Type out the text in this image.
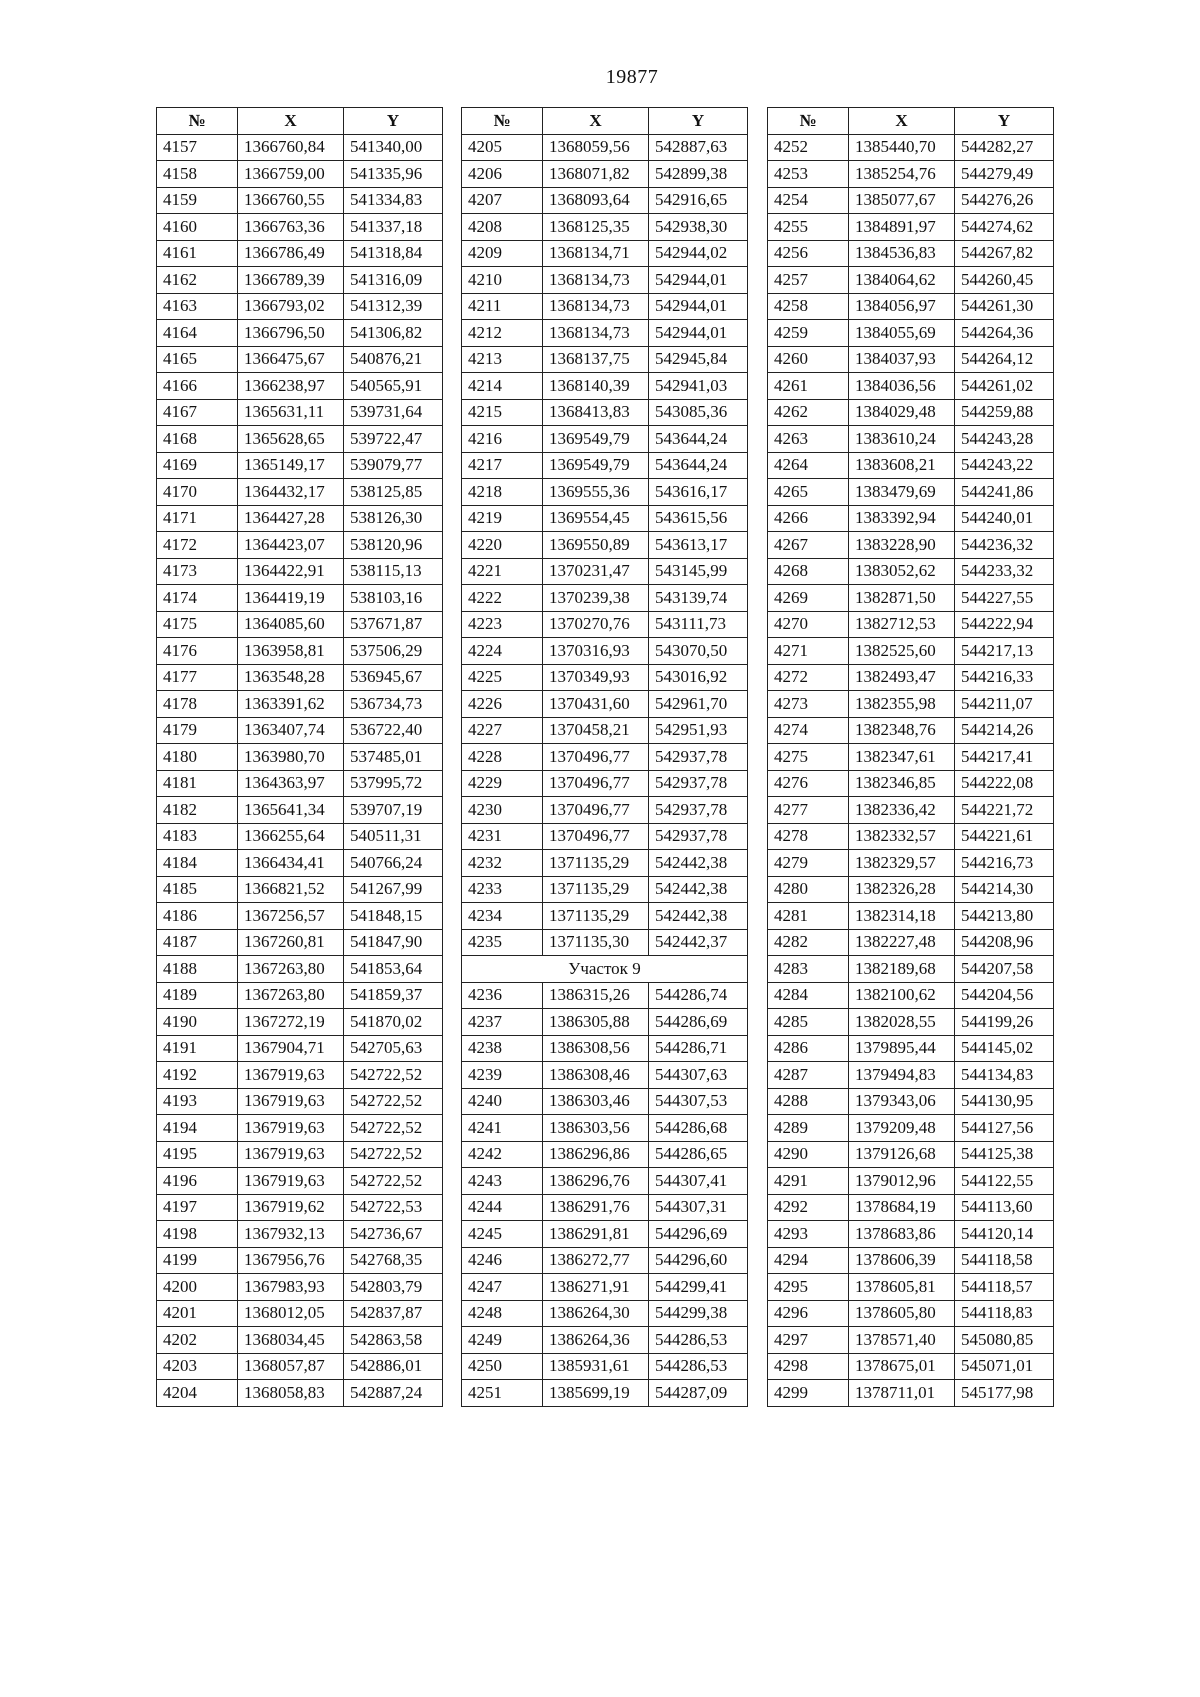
19877
№	X	Y
4157	1366760,84	541340,00
4158	1366759,00	541335,96
4159	1366760,55	541334,83
4160	1366763,36	541337,18
4161	1366786,49	541318,84
4162	1366789,39	541316,09
4163	1366793,02	541312,39
4164	1366796,50	541306,82
4165	1366475,67	540876,21
4166	1366238,97	540565,91
4167	1365631,11	539731,64
4168	1365628,65	539722,47
4169	1365149,17	539079,77
4170	1364432,17	538125,85
4171	1364427,28	538126,30
4172	1364423,07	538120,96
4173	1364422,91	538115,13
4174	1364419,19	538103,16
4175	1364085,60	537671,87
4176	1363958,81	537506,29
4177	1363548,28	536945,67
4178	1363391,62	536734,73
4179	1363407,74	536722,40
4180	1363980,70	537485,01
4181	1364363,97	537995,72
4182	1365641,34	539707,19
4183	1366255,64	540511,31
4184	1366434,41	540766,24
4185	1366821,52	541267,99
4186	1367256,57	541848,15
4187	1367260,81	541847,90
4188	1367263,80	541853,64
4189	1367263,80	541859,37
4190	1367272,19	541870,02
4191	1367904,71	542705,63
4192	1367919,63	542722,52
4193	1367919,63	542722,52
4194	1367919,63	542722,52
4195	1367919,63	542722,52
4196	1367919,63	542722,52
4197	1367919,62	542722,53
4198	1367932,13	542736,67
4199	1367956,76	542768,35
4200	1367983,93	542803,79
4201	1368012,05	542837,87
4202	1368034,45	542863,58
4203	1368057,87	542886,01
4204	1368058,83	542887,24
№	X	Y
4205	1368059,56	542887,63
4206	1368071,82	542899,38
4207	1368093,64	542916,65
4208	1368125,35	542938,30
4209	1368134,71	542944,02
4210	1368134,73	542944,01
4211	1368134,73	542944,01
4212	1368134,73	542944,01
4213	1368137,75	542945,84
4214	1368140,39	542941,03
4215	1368413,83	543085,36
4216	1369549,79	543644,24
4217	1369549,79	543644,24
4218	1369555,36	543616,17
4219	1369554,45	543615,56
4220	1369550,89	543613,17
4221	1370231,47	543145,99
4222	1370239,38	543139,74
4223	1370270,76	543111,73
4224	1370316,93	543070,50
4225	1370349,93	543016,92
4226	1370431,60	542961,70
4227	1370458,21	542951,93
4228	1370496,77	542937,78
4229	1370496,77	542937,78
4230	1370496,77	542937,78
4231	1370496,77	542937,78
4232	1371135,29	542442,38
4233	1371135,29	542442,38
4234	1371135,29	542442,38
4235	1371135,30	542442,37
Участок 9		
4236	1386315,26	544286,74
4237	1386305,88	544286,69
4238	1386308,56	544286,71
4239	1386308,46	544307,63
4240	1386303,46	544307,53
4241	1386303,56	544286,68
4242	1386296,86	544286,65
4243	1386296,76	544307,41
4244	1386291,76	544307,31
4245	1386291,81	544296,69
4246	1386272,77	544296,60
4247	1386271,91	544299,41
4248	1386264,30	544299,38
4249	1386264,36	544286,53
4250	1385931,61	544286,53
4251	1385699,19	544287,09
№	X	Y
4252	1385440,70	544282,27
4253	1385254,76	544279,49
4254	1385077,67	544276,26
4255	1384891,97	544274,62
4256	1384536,83	544267,82
4257	1384064,62	544260,45
4258	1384056,97	544261,30
4259	1384055,69	544264,36
4260	1384037,93	544264,12
4261	1384036,56	544261,02
4262	1384029,48	544259,88
4263	1383610,24	544243,28
4264	1383608,21	544243,22
4265	1383479,69	544241,86
4266	1383392,94	544240,01
4267	1383228,90	544236,32
4268	1383052,62	544233,32
4269	1382871,50	544227,55
4270	1382712,53	544222,94
4271	1382525,60	544217,13
4272	1382493,47	544216,33
4273	1382355,98	544211,07
4274	1382348,76	544214,26
4275	1382347,61	544217,41
4276	1382346,85	544222,08
4277	1382336,42	544221,72
4278	1382332,57	544221,61
4279	1382329,57	544216,73
4280	1382326,28	544214,30
4281	1382314,18	544213,80
4282	1382227,48	544208,96
4283	1382189,68	544207,58
4284	1382100,62	544204,56
4285	1382028,55	544199,26
4286	1379895,44	544145,02
4287	1379494,83	544134,83
4288	1379343,06	544130,95
4289	1379209,48	544127,56
4290	1379126,68	544125,38
4291	1379012,96	544122,55
4292	1378684,19	544113,60
4293	1378683,86	544120,14
4294	1378606,39	544118,58
4295	1378605,81	544118,57
4296	1378605,80	544118,83
4297	1378571,40	545080,85
4298	1378675,01	545071,01
4299	1378711,01	545177,98
